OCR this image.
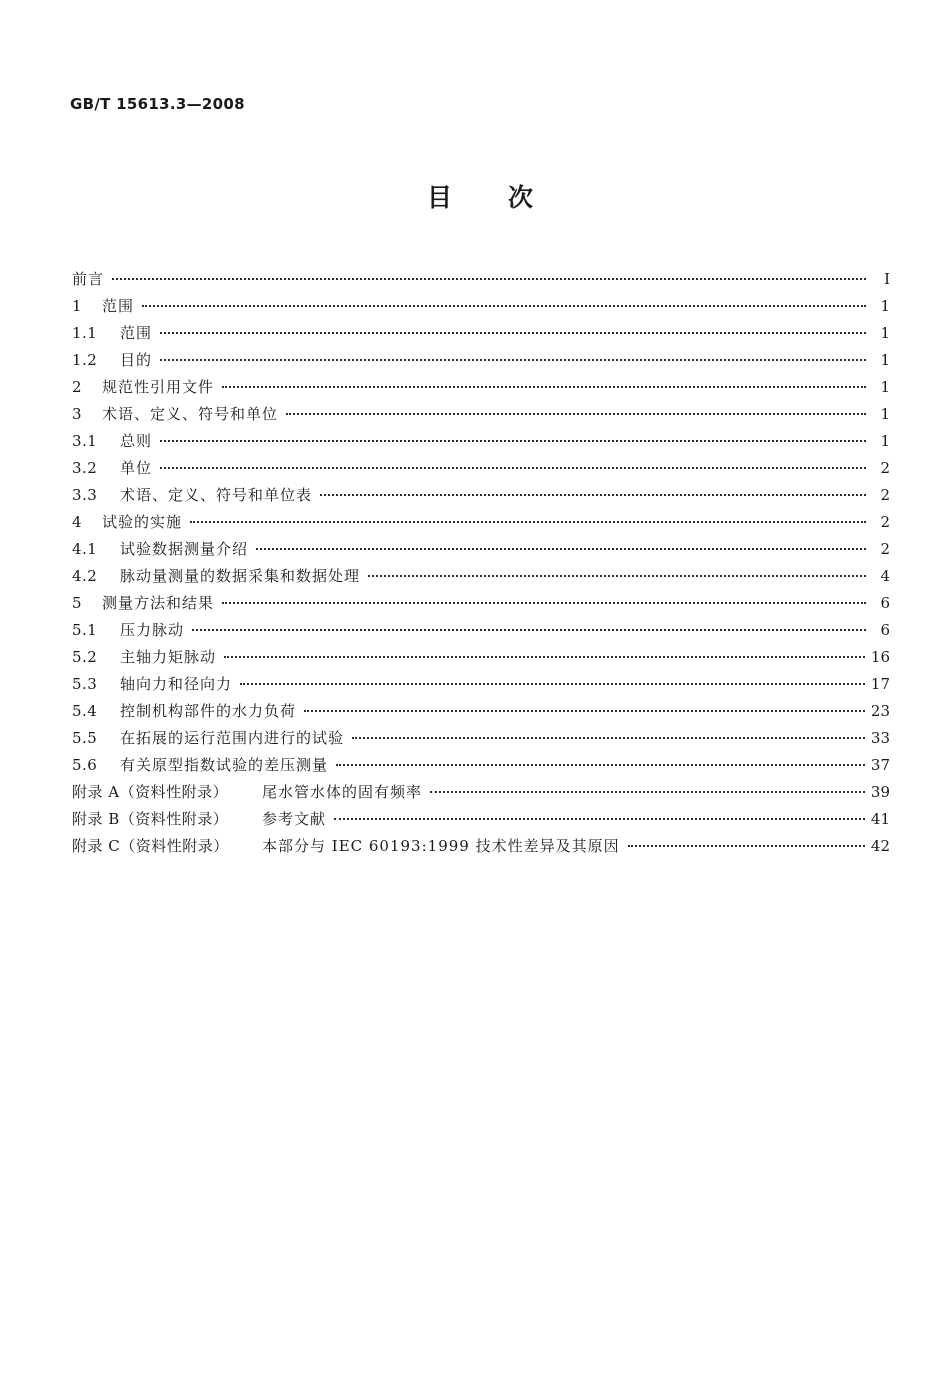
GB/T 15613.3—2008
目 次
前言	Ⅰ
1	范围	1
1.1	范围	1
1.2	目的	1
2	规范性引用文件	1
3	术语、定义、符号和单位	1
3.1	总则	1
3.2	单位	2
3.3	术语、定义、符号和单位表	2
4	试验的实施	2
4.1	试验数据测量介绍	2
4.2	脉动量测量的数据采集和数据处理	4
5	测量方法和结果	6
5.1	压力脉动	6
5.2	主轴力矩脉动	16
5.3	轴向力和径向力	17
5.4	控制机构部件的水力负荷	23
5.5	在拓展的运行范围内进行的试验	33
5.6	有关原型指数试验的差压测量	37
附录 A（资料性附录）	尾水管水体的固有频率	39
附录 B（资料性附录）	参考文献	41
附录 C（资料性附录）	本部分与 IEC 60193:1999 技术性差异及其原因	42
